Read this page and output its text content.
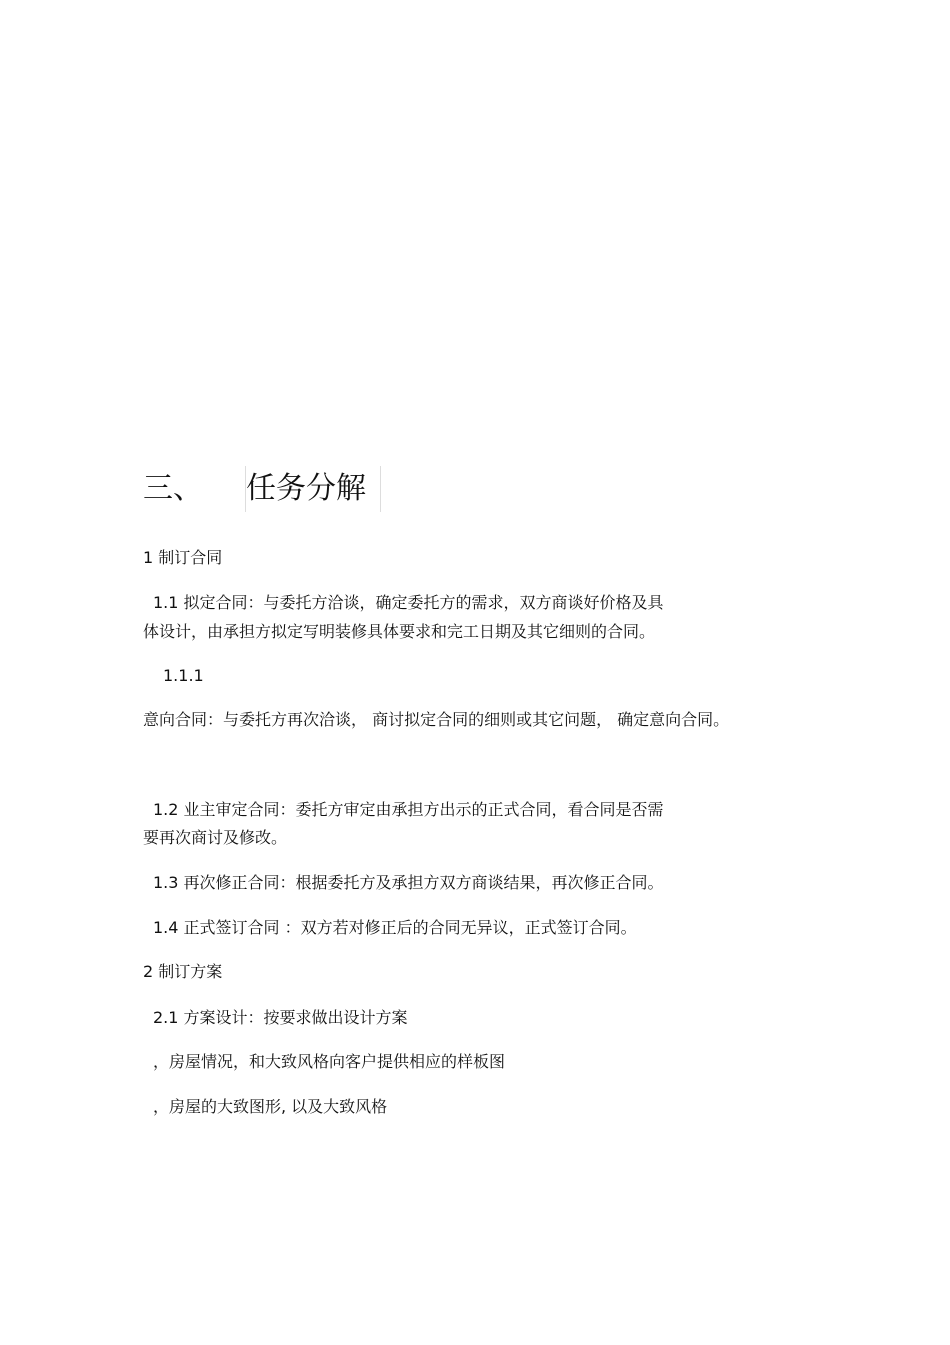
三、 任务分解
1 制订合同
1.1 拟定合同：与委托方洽谈，确定委托方的需求，双方商谈好价格及具
体设计，由承担方拟定写明装修具体要求和完工日期及其它细则的合同。
1.1.1
意向合同：与委托方再次洽谈， 商讨拟定合同的细则或其它问题， 确定意向合同。
1.2 业主审定合同：委托方审定由承担方出示的正式合同，看合同是否需
要再次商讨及修改。
1.3 再次修正合同：根据委托方及承担方双方商谈结果，再次修正合同。
1.4 正式签订合同 ：双方若对修正后的合同无异议，正式签订合同。
2 制订方案
2.1 方案设计：按要求做出设计方案
，房屋情况，和大致风格向客户提供相应的样板图
，房屋的大致图形, 以及大致风格
